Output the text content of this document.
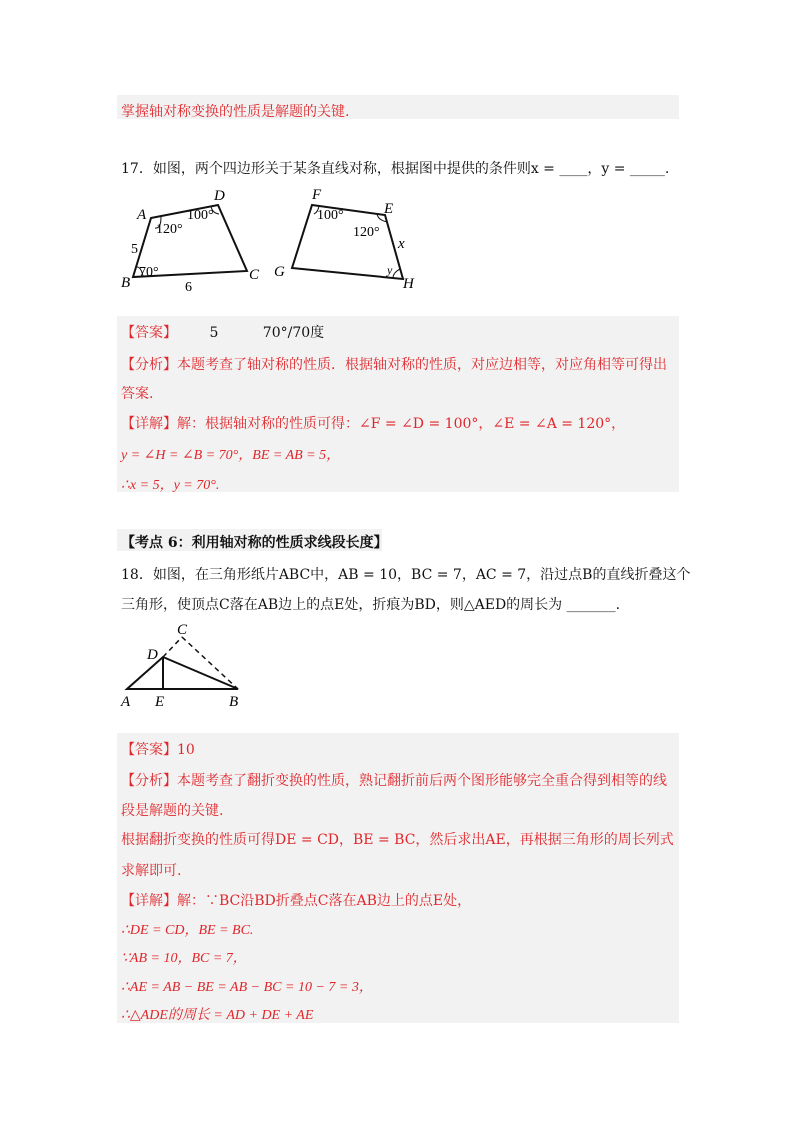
掌握轴对称变换的性质是解题的关键.
17．如图，两个四边形关于某条直线对称，根据图中提供的条件则x = ____，y = _____.
A
D
B	C
100°
120°
70°
5
6
F
E
G
H
100°
120°
x
y
【答案】 5 70°/70度
【分析】本题考查了轴对称的性质．根据轴对称的性质，对应边相等，对应角相等可得出
答案.
【详解】解：根据轴对称的性质可得：∠F = ∠D = 100°，∠E = ∠A = 120°，
y = ∠H = ∠B = 70°，BE = AB = 5，
∴x = 5，y = 70°.
【考点 6：利用轴对称的性质求线段长度】
18．如图，在三角形纸片ABC中，AB = 10，BC = 7，AC = 7，沿过点B的直线折叠这个
三角形，使顶点C落在AB边上的点E处，折痕为BD，则△AED的周长为 _______.
C
D
A E	B
【答案】10
【分析】本题考查了翻折变换的性质，熟记翻折前后两个图形能够完全重合得到相等的线
段是解题的关键.
根据翻折变换的性质可得DE = CD，BE = BC，然后求出AE，再根据三角形的周长列式
求解即可.
【详解】解：∵BC沿BD折叠点C落在AB边上的点E处，
∴DE = CD，BE = BC.
∵AB = 10，BC = 7，
∴AE = AB − BE = AB − BC = 10 − 7 = 3，
∴△ADE的周长 = AD + DE + AE
